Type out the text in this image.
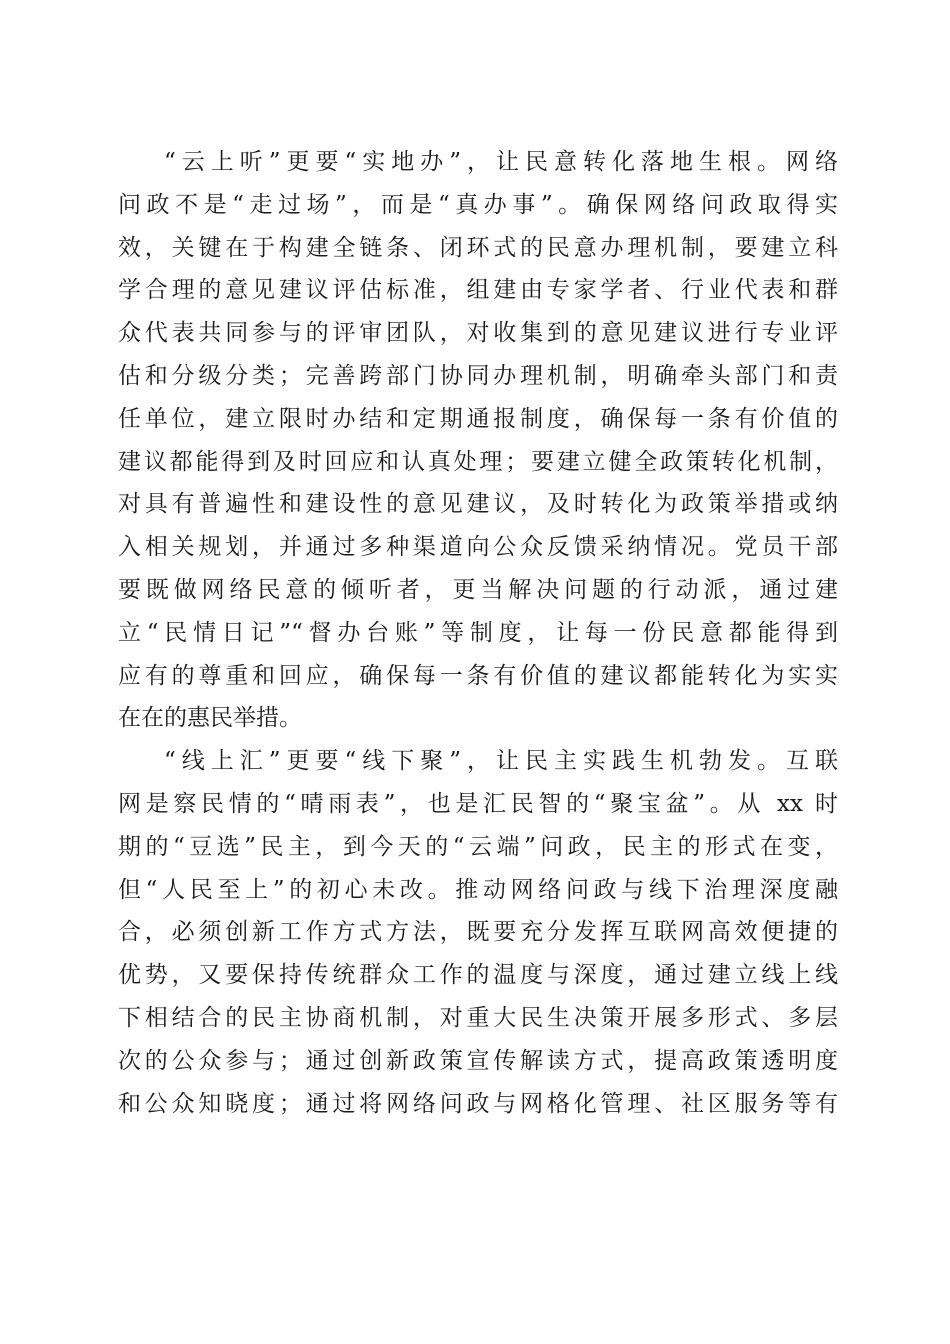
“云上听”更要“实地办”，让民意转化落地生根。网络
问政不是“走过场”，而是“真办事”。确保网络问政取得实
效，关键在于构建全链条、闭环式的民意办理机制，要建立科
学合理的意见建议评估标准，组建由专家学者、行业代表和群
众代表共同参与的评审团队，对收集到的意见建议进行专业评
估和分级分类；完善跨部门协同办理机制，明确牵头部门和责
任单位，建立限时办结和定期通报制度，确保每一条有价值的
建议都能得到及时回应和认真处理；要建立健全政策转化机制，
对具有普遍性和建设性的意见建议，及时转化为政策举措或纳
入相关规划，并通过多种渠道向公众反馈采纳情况。党员干部
要既做网络民意的倾听者，更当解决问题的行动派，通过建
立“民情日记”“督办台账”等制度，让每一份民意都能得到
应有的尊重和回应，确保每一条有价值的建议都能转化为实实
在在的惠民举措。
“线上汇”更要“线下聚”，让民主实践生机勃发。互联
网是察民情的“晴雨表”，也是汇民智的“聚宝盆”。从 xx 时
期的“豆选”民主，到今天的“云端”问政，民主的形式在变，
但“人民至上”的初心未改。推动网络问政与线下治理深度融
合，必须创新工作方式方法，既要充分发挥互联网高效便捷的
优势，又要保持传统群众工作的温度与深度，通过建立线上线
下相结合的民主协商机制，对重大民生决策开展多形式、多层
次的公众参与；通过创新政策宣传解读方式，提高政策透明度
和公众知晓度；通过将网络问政与网格化管理、社区服务等有
